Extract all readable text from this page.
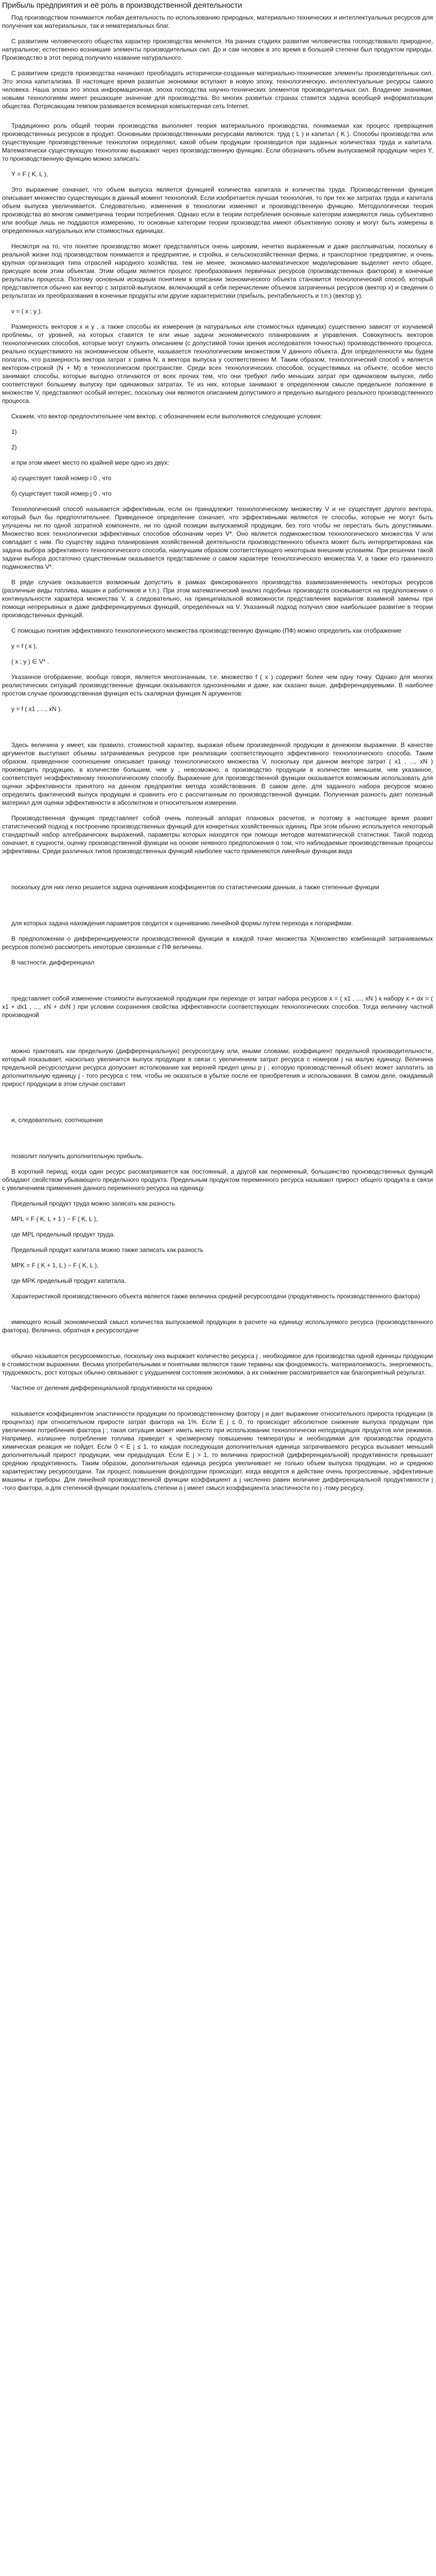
Прибыль предприятия и её роль в производственной деятельности

Под производством понимается любая деятельность по использованию природных, материально-технических и интеллектуальных ресурсов для получения как материальных, так и нематериальных благ.

С развитием человеческого общества характер производства меняется. На ранних стадиях развития человечества господствовало природное, натуральное; естественно возникшие элементы производительных сил. До и сам человек в это время в большей степени был продуктом природы. Производство в этот период получило название натурального.

С развитием средств производства начинают преобладать исторически-созданные материально-технические элементы производительных сил. Это эпоха капитализма. В настоящее время развитые экономики вступают в новую эпоху, технологическую, интеллектуальные ресурсы самого человека. Наша эпоха это эпоха информационная, эпоха господства научно-технических элементов производительных сил. Владение знаниями, новыми технологиями имеет решающее значение для производства. Во многих развитых странах ставится задача всеобщей информатизации общества. Потрясающим темпом развивается всемирная компьютерная сеть Internet.

Традиционно роль общей теории производства выполняет теория материального производства, понимаемая как процесс превращения производственных ресурсов в продукт. Основными производственными ресурсами являются: труд ( L ) и капитал ( K ). Способы производства или существующие производственные технологии определяют, какой объем продукции производится при заданных количествах труда и капитала. Математически существующую технологию выражают через производственную функцию. Если обозначить объем выпускаемой продукции через Y, то производственную функцию можно записать:

Y = F ( K, L ),

Это выражение означает, что объем выпуска является функцией количества капитала и количества труда. Производственная функция описывает множество существующих в данный момент технологий. Если изобретается лучшая технология, то при тех же затратах труда и капитала объем выпуска увеличивается. Следовательно, изменения в технологии изменяют и производственную функцию. Методологически теория производства во многом симметрична теории потребления. Однако если в теории потребления основные категории измеряются лишь субъективно или вообще лишь не поддаются измерению, то основные категории теории производства имеют объективную основу и могут быть измерены в определенных натуральных или стоимостных единицах.

Несмотря на то, что понятие производство может представляться очень широким, нечетко выраженным и даже расплывчатым, поскольку в реальной жизни под производством понимается и предприятие, и стройка, и сельскохозяйственная ферма, и транспортное предприятие, и очень крупная организация типа отраслей народного хозяйства, тем не менее, экономико-математическое моделирование выделяет нечто общее, присущее всем этим объектам. Этим общим является процесс преобразования первичных ресурсов (производственных факторов) в конечные результаты процесса. Поэтому основным исходным понятием в описании экономического объекта становится технологический способ, который представляется обычно как вектор с затратой-выпуском, включающий в себя перечисление объемов затраченных ресурсов (вектор x) и сведения о результатах их преобразования в конечные продукты или другие характеристики (прибыль, рентабельность и т.п.) (вектор y).

v = ( x ; y ).

Размерность векторов x и y , а также способы их измерения (в натуральных или стоимостных единицах) существенно зависят от изучаемой проблемы, от уровней, на которых ставятся те или иные задачи экономического планирования и управления. Совокупность векторов технологических способов, которые могут служить описанием (с допустимой точки зрения исследователя точностью) производственного процесса, реально осуществимого на экономическом объекте, называется технологическим множеством V данного объекта. Для определенности мы будем полагать, что размерность вектора затрат x равна N, а вектора выпуска y соответственно M. Таким образом, технологический способ v является вектором-строкой (N + M) в технологическом пространстве. Среди всех технологических способов, осуществимых на объекте, особое место занимают способы, которые выгодно отличаются от всех прочих тем, что они требуют либо меньших затрат при одинаковом выпуске, либо соответствуют большему выпуску при одинаковых затратах. Те из них, которые занимают в определенном смысле предельное положение в множестве V, представляют особый интерес, поскольку они являются описанием допустимого и предельно выгодного реального производственного процесса.

Скажем, что вектор предпочтительнее чем вектор, с обозначением если выполняются следующие условия:

1)
2)

и при этом имеет место по крайней мере одно из двух:

а) существует такой номер i 0 , что
б) существует такой номер j 0 , что

Технологический способ называется эффективным, если он принадлежит технологическому множеству V и не существует другого вектора, который был бы предпочтительнее. Приведенное определение означает, что эффективными являются те способы, которые не могут быть улучшены ни по одной затратной компоненте, ни по одной позиции выпускаемой продукции, без того чтобы не перестать быть допустимыми. Множество всех технологически эффективных способов обозначим через V*. Оно является подмножеством технологического множества V или совпадает с ним. По существу задача планирования хозяйственной деятельности производственного объекта может быть интерпретирована как задача выбора эффективного технологического способа, наилучшим образом соответствующего некоторым внешним условиям. При решении такой задачи выбора достаточно существенным оказывается представление о самом характере технологического множества V, а также его граничного подмножества V*.

В ряде случаев оказывается возможным допустить в рамках фиксированного производства взаимозаменяемость некоторых ресурсов (различные виды топлива, машин и работников и т.п.). При этом математический анализ подобных производств основывается на предположении о континуальности характера множества V, а следовательно, на принципиальной возможности представления вариантов взаимной замены при помощи непрерывных и даже дифференцируемых функций, определённых на V. Указанный подход получил свое наибольшее развитие в теории производственных функций.

С помощью понятия эффективного технологического множества производственную функцию (ПФ) можно определить как отображение

y = f ( x ),
( x ; y ) ∈ V* .

Указанное отображение, вообще говоря, является многозначным, т.е. множество f ( x ) содержит более чем одну точку. Однако для многих реалистических ситуаций производственные функции оказываются однозначными и даже, как сказано выше, дифференцируемыми. В наиболее простом случае производственная функция есть скалярная функция N аргументов:

y = f ( x1 , ..., xN ).

Здесь величина у имеет, как правило, стоимостной характер, выражая объем произведенной продукции в денежном выражении. В качестве аргументов выступают объемы затрачиваемых ресурсов при реализации соответствующего эффективного технологического способа. Таким образом, приведенное соотношение описывает границу технологического множества V, поскольку при данном векторе затрат ( x1 , ..., xN ) производить продукцию, в количестве большем, чем у , невозможно, а производство продукции в количестве меньшем, чем указанное, соответствует неэффективному технологическому способу. Выражение для производственной функции оказывается возможным использовать для оценки эффективности принятого на данном предприятии метода хозяйствования. В самом деле, для заданного набора ресурсов можно определить фактический выпуск продукции и сравнить его с рассчитанным по производственной функции. Полученная разность дает полезный материал для оценки эффективности в абсолютном и относительном измерении.

Производственная функция представляет собой очень полезный аппарат плановых расчетов, и поэтому в настоящее время развит статистический подход к построению производственных функций для конкретных хозяйственных единиц. При этом обычно используется некоторый стандартный набор алгебраических выражений, параметры которых находятся при помощи методов математической статистики. Такой подход означает, в сущности, оценку производственной функции на основе неявного предположения о том, что наблюдаемые производственные процессы эффективны. Среди различных типов производственных функций наиболее часто применяются линейные функции вида

поскольку для них легко решается задача оценивания коэффициентов по статистическим данным, а также степенные функции

для которых задача нахождения параметров сводится к оцениванию линейной формы путем перехода к логарифмам.

В предположении о дифференцируемости производственной функции в каждой точке множества Х(множество комбинаций затрачиваемых ресурсов полезно рассмотреть некоторые связанные с ПФ величины.

В частности, дифференциал

представляет собой изменение стоимости выпускаемой продукции при переходе от затрат набора ресурсов x = ( x1 , ..., xN ) к набору x + dx = ( x1 + dx1 , ..., xN + dxN ) при условии сохранения свойства эффективности соответствующих технологических способов. Тогда величину частной производной

можно трактовать как предельную (дифференциальную) ресурсоотдачу или, иными словами, коэффициент предельной производительности, который показывает, насколько увеличится выпуск продукции в связи с увеличением затрат ресурса с номером j на малую единицу. Величина предельной ресурсоотдачи ресурса допускает истолкование как верхней предел цены p j , которую производственный объект может заплатить за дополнительную единицу j - того ресурса с тем, чтобы не оказаться в убытке после ее приобретения и использования. В самом деле, ожидаемый прирост продукции в этом случае составит

и, следовательно, соотношение

позволит получить дополнительную прибыль.

В короткий период, когда один ресурс рассматривается как постоянный, а другой как переменный, большинство производственных функций обладают свойством убывающего предельного продукта. Предельным продуктом переменного ресурса называют прирост общего продукта в связи с увеличением применения данного переменного ресурса на единицу.

Предельный продукт труда можно записать как разность

MPL = F ( K, L + 1 ) − F ( K, L ),

где MPL предельный продукт труда.

Предельный продукт капитала можно также записать как разность

MPK = F ( K + 1, L ) − F ( K, L ),

где MPK предельный продукт капитала.

Характеристикой производственного объекта является также величина средней ресурсоотдачи (продуктивность производственного фактора)

имеющего ясный экономический смысл количества выпускаемой продукции в расчете на единицу используемого ресурса (производственного фактора). Величина, обратная к ресурсоотдаче

обычно называется ресурсоемкостью, поскольку она выражает количество ресурса j , необходимое для производства одной единицы продукции в стоимостном выражении. Весьма употребительными и понятными являются такие термины как фондоемкость, материалоемкость, энергоемкость, трудоемкость, рост которых обычно связывают с ухудшением состояния экономики, а их снижение рассматривается как благоприятный результат.

Частное от деления дифференциальной продуктивности на среднюю

называется коэффициентом эластичности продукции по производственному фактору j и дает выражение относительного прироста продукции (в процентах) при относительном приросте затрат фактора на 1%. Если E j ≤ 0, то происходит абсолютное снижение выпуска продукции при увеличении потребления фактора j ; такая ситуация может иметь место при использовании технологически неподходящих продуктов или режимов. Например, излишнее потребление топлива приведет к чрезмерному повышению температуры и необходимая для производства продукта химическая реакция не пойдет. Если 0 < E j ≤ 1, то каждая последующая дополнительная единица затрачиваемого ресурса вызывает меньший дополнительный прирост продукции, чем предыдущая. Если E j > 1, то величина приростной (дифференциальной) продуктивности превышает среднюю продуктивность. Таким образом, дополнительная единица ресурса увеличивает не только объем выпуска продукции, но и среднюю характеристику ресурсоотдачи. Так процесс повышения фондоотдачи происходит, когда вводятся в действие очень прогрессивные, эффективные машины и приборы. Для линейной производственной функции коэффициент a j численно равен величине дифференциальной продуктивности j -того фактора, а для степенной функции показатель степени a j имеет смысл коэффициента эластичности по j -тому ресурсу.
